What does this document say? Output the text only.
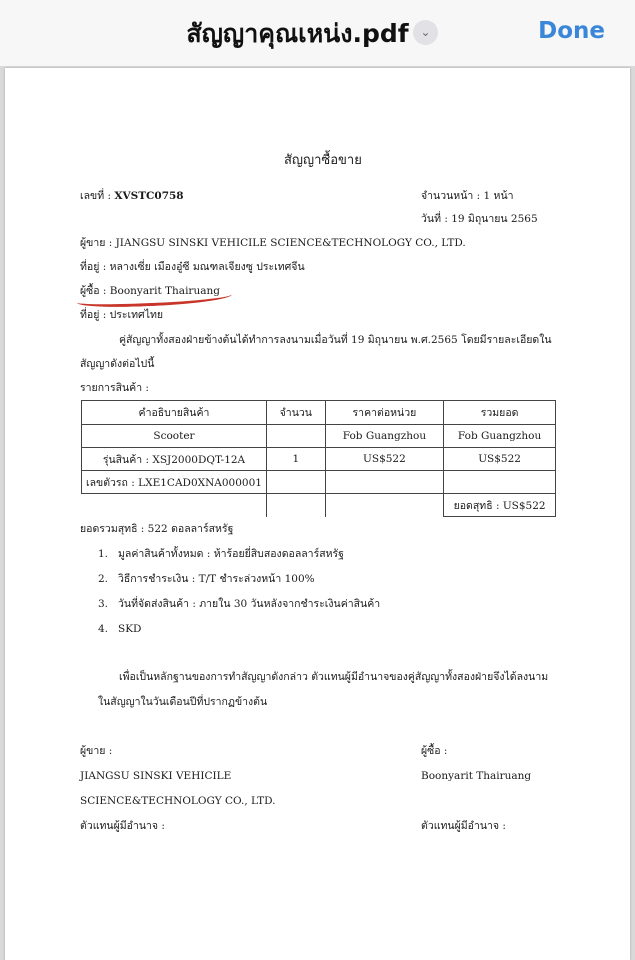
สัญญาคุณเหน่ง.pdf ⌄	Done
สัญญาซื้อขาย
เลขที่ : XVSTC0758	จำนวนหน้า : 1 หน้า
วันที่ : 19 มิถุนายน 2565
ผู้ขาย : JIANGSU SINSKI VEHICILE SCIENCE&TECHNOLOGY CO., LTD.
ที่อยู่ : หลางเซี่ย เมืองอู๋ซี มณฑลเจียงซู ประเทศจีน
ผู้ซื้อ : Boonyarit Thairuang
ที่อยู่ : ประเทศไทย
คู่สัญญาทั้งสองฝ่ายข้างต้นได้ทำการลงนามเมื่อวันที่ 19 มิถุนายน พ.ศ.2565 โดยมีรายละเอียดใน
สัญญาดังต่อไปนี้
รายการสินค้า :
คำอธิบายสินค้า	จำนวน	ราคาต่อหน่วย	รวมยอด
Scooter		Fob Guangzhou	Fob Guangzhou
รุ่นสินค้า : XSJ2000DQT-12A	1	US$522	US$522
เลขตัวรถ : LXE1CAD0XNA000001			
			ยอดสุทธิ : US$522
ยอดรวมสุทธิ : 522 ดอลลาร์สหรัฐ
1. มูลค่าสินค้าทั้งหมด : ห้าร้อยยี่สิบสองดอลลาร์สหรัฐ
2. วิธีการชำระเงิน : T/T ชำระล่วงหน้า 100%
3. วันที่จัดส่งสินค้า : ภายใน 30 วันหลังจากชำระเงินค่าสินค้า
4. SKD
เพื่อเป็นหลักฐานของการทำสัญญาดังกล่าว ตัวแทนผู้มีอำนาจของคู่สัญญาทั้งสองฝ่ายจึงได้ลงนาม
ในสัญญาในวันเดือนปีที่ปรากฏข้างต้น
ผู้ขาย :
JIANGSU SINSKI VEHICILE
SCIENCE&TECHNOLOGY CO., LTD.
ตัวแทนผู้มีอำนาจ :
ผู้ซื้อ :
Boonyarit Thairuang
ตัวแทนผู้มีอำนาจ :
